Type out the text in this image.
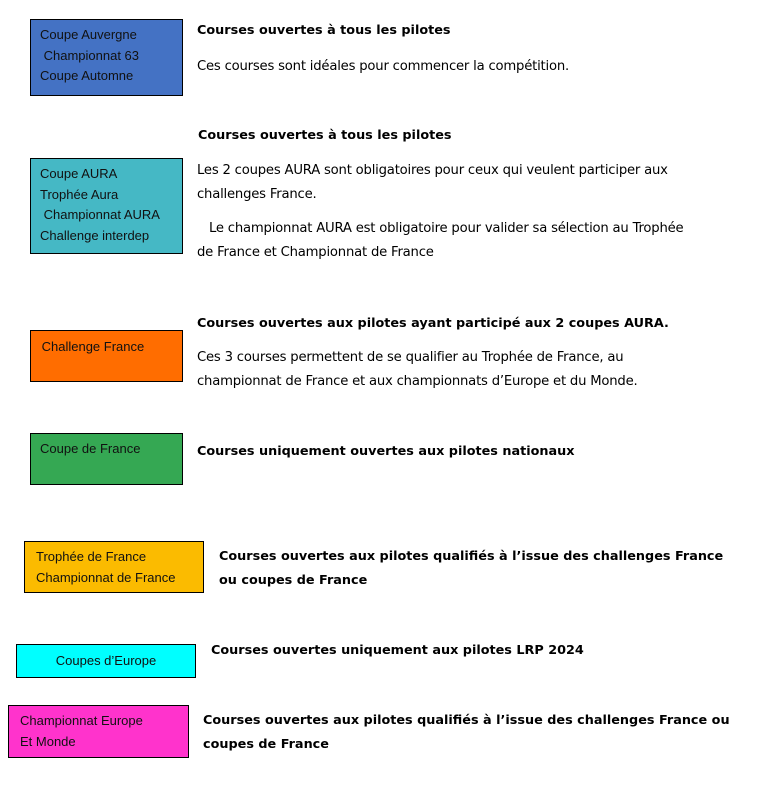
Coupe Auvergne
Championnat 63
Coupe Automne
Courses ouvertes à tous les pilotes
Ces courses sont idéales pour commencer la compétition.
Coupe AURA
Trophée Aura
Championnat AURA
Challenge interdep
Courses ouvertes à tous les pilotes
Les 2 coupes AURA sont obligatoires pour ceux qui veulent participer aux
challenges France.
Le championnat AURA est obligatoire pour valider sa sélection au Trophée
de France et Championnat de France
Challenge France
Courses ouvertes aux pilotes ayant participé aux 2 coupes AURA.
Ces 3 courses permettent de se qualifier au Trophée de France, au
championnat de France et aux championnats d’Europe et du Monde.
Coupe de France	Courses uniquement ouvertes aux pilotes nationaux
Trophée de France
Championnat de France
Courses ouvertes aux pilotes qualifiés à l’issue des challenges France
ou coupes de France
Coupes d’Europe
Courses ouvertes uniquement aux pilotes LRP 2024
Championnat Europe
Et Monde
Courses ouvertes aux pilotes qualifiés à l’issue des challenges France ou
coupes de France
